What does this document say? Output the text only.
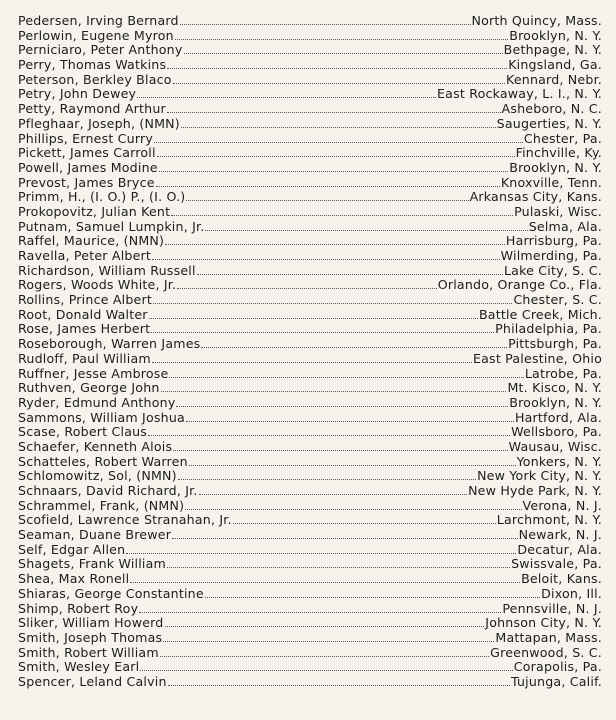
Pedersen, Irving Bernard	North Quincy, Mass.
Perlowin, Eugene Myron	Brooklyn, N. Y.
Perniciaro, Peter Anthony	Bethpage, N. Y.
Perry, Thomas Watkins	Kingsland, Ga.
Peterson, Berkley Blaco	Kennard, Nebr.
Petry, John Dewey	East Rockaway, L. I., N. Y.
Petty, Raymond Arthur	Asheboro, N. C.
Pfleghaar, Joseph, (NMN)	Saugerties, N. Y.
Phillips, Ernest Curry	Chester, Pa.
Pickett, James Carroll	Finchville, Ky.
Powell, James Modine	Brooklyn, N. Y.
Prevost, James Bryce	Knoxville, Tenn.
Primm, H., (I. O.) P., (I. O.)	Arkansas City, Kans.
Prokopovitz, Julian Kent	Pulaski, Wisc.
Putnam, Samuel Lumpkin, Jr.	Selma, Ala.
Raffel, Maurice, (NMN)	Harrisburg, Pa.
Ravella, Peter Albert	Wilmerding, Pa.
Richardson, William Russell	Lake City, S. C.
Rogers, Woods White, Jr.	Orlando, Orange Co., Fla.
Rollins, Prince Albert	Chester, S. C.
Root, Donald Walter	Battle Creek, Mich.
Rose, James Herbert	Philadelphia, Pa.
Roseborough, Warren James	Pittsburgh, Pa.
Rudloff, Paul William	East Palestine, Ohio
Ruffner, Jesse Ambrose	Latrobe, Pa.
Ruthven, George John	Mt. Kisco, N. Y.
Ryder, Edmund Anthony	Brooklyn, N. Y.
Sammons, William Joshua	Hartford, Ala.
Scase, Robert Claus	Wellsboro, Pa.
Schaefer, Kenneth Alois	Wausau, Wisc.
Schatteles, Robert Warren	Yonkers, N. Y.
Schlomowitz, Sol, (NMN)	New York City, N. Y.
Schnaars, David Richard, Jr.	New Hyde Park, N. Y.
Schrammel, Frank, (NMN)	Verona, N. J.
Scofield, Lawrence Stranahan, Jr.	Larchmont, N. Y.
Seaman, Duane Brewer	Newark, N. J.
Self, Edgar Allen	Decatur, Ala.
Shagets, Frank William	Swissvale, Pa.
Shea, Max Ronell	Beloit, Kans.
Shiaras, George Constantine	Dixon, Ill.
Shimp, Robert Roy	Pennsville, N. J.
Sliker, William Howerd	Johnson City, N. Y.
Smith, Joseph Thomas	Mattapan, Mass.
Smith, Robert William	Greenwood, S. C.
Smith, Wesley Earl	Corapolis, Pa.
Spencer, Leland Calvin	Tujunga, Calif.
